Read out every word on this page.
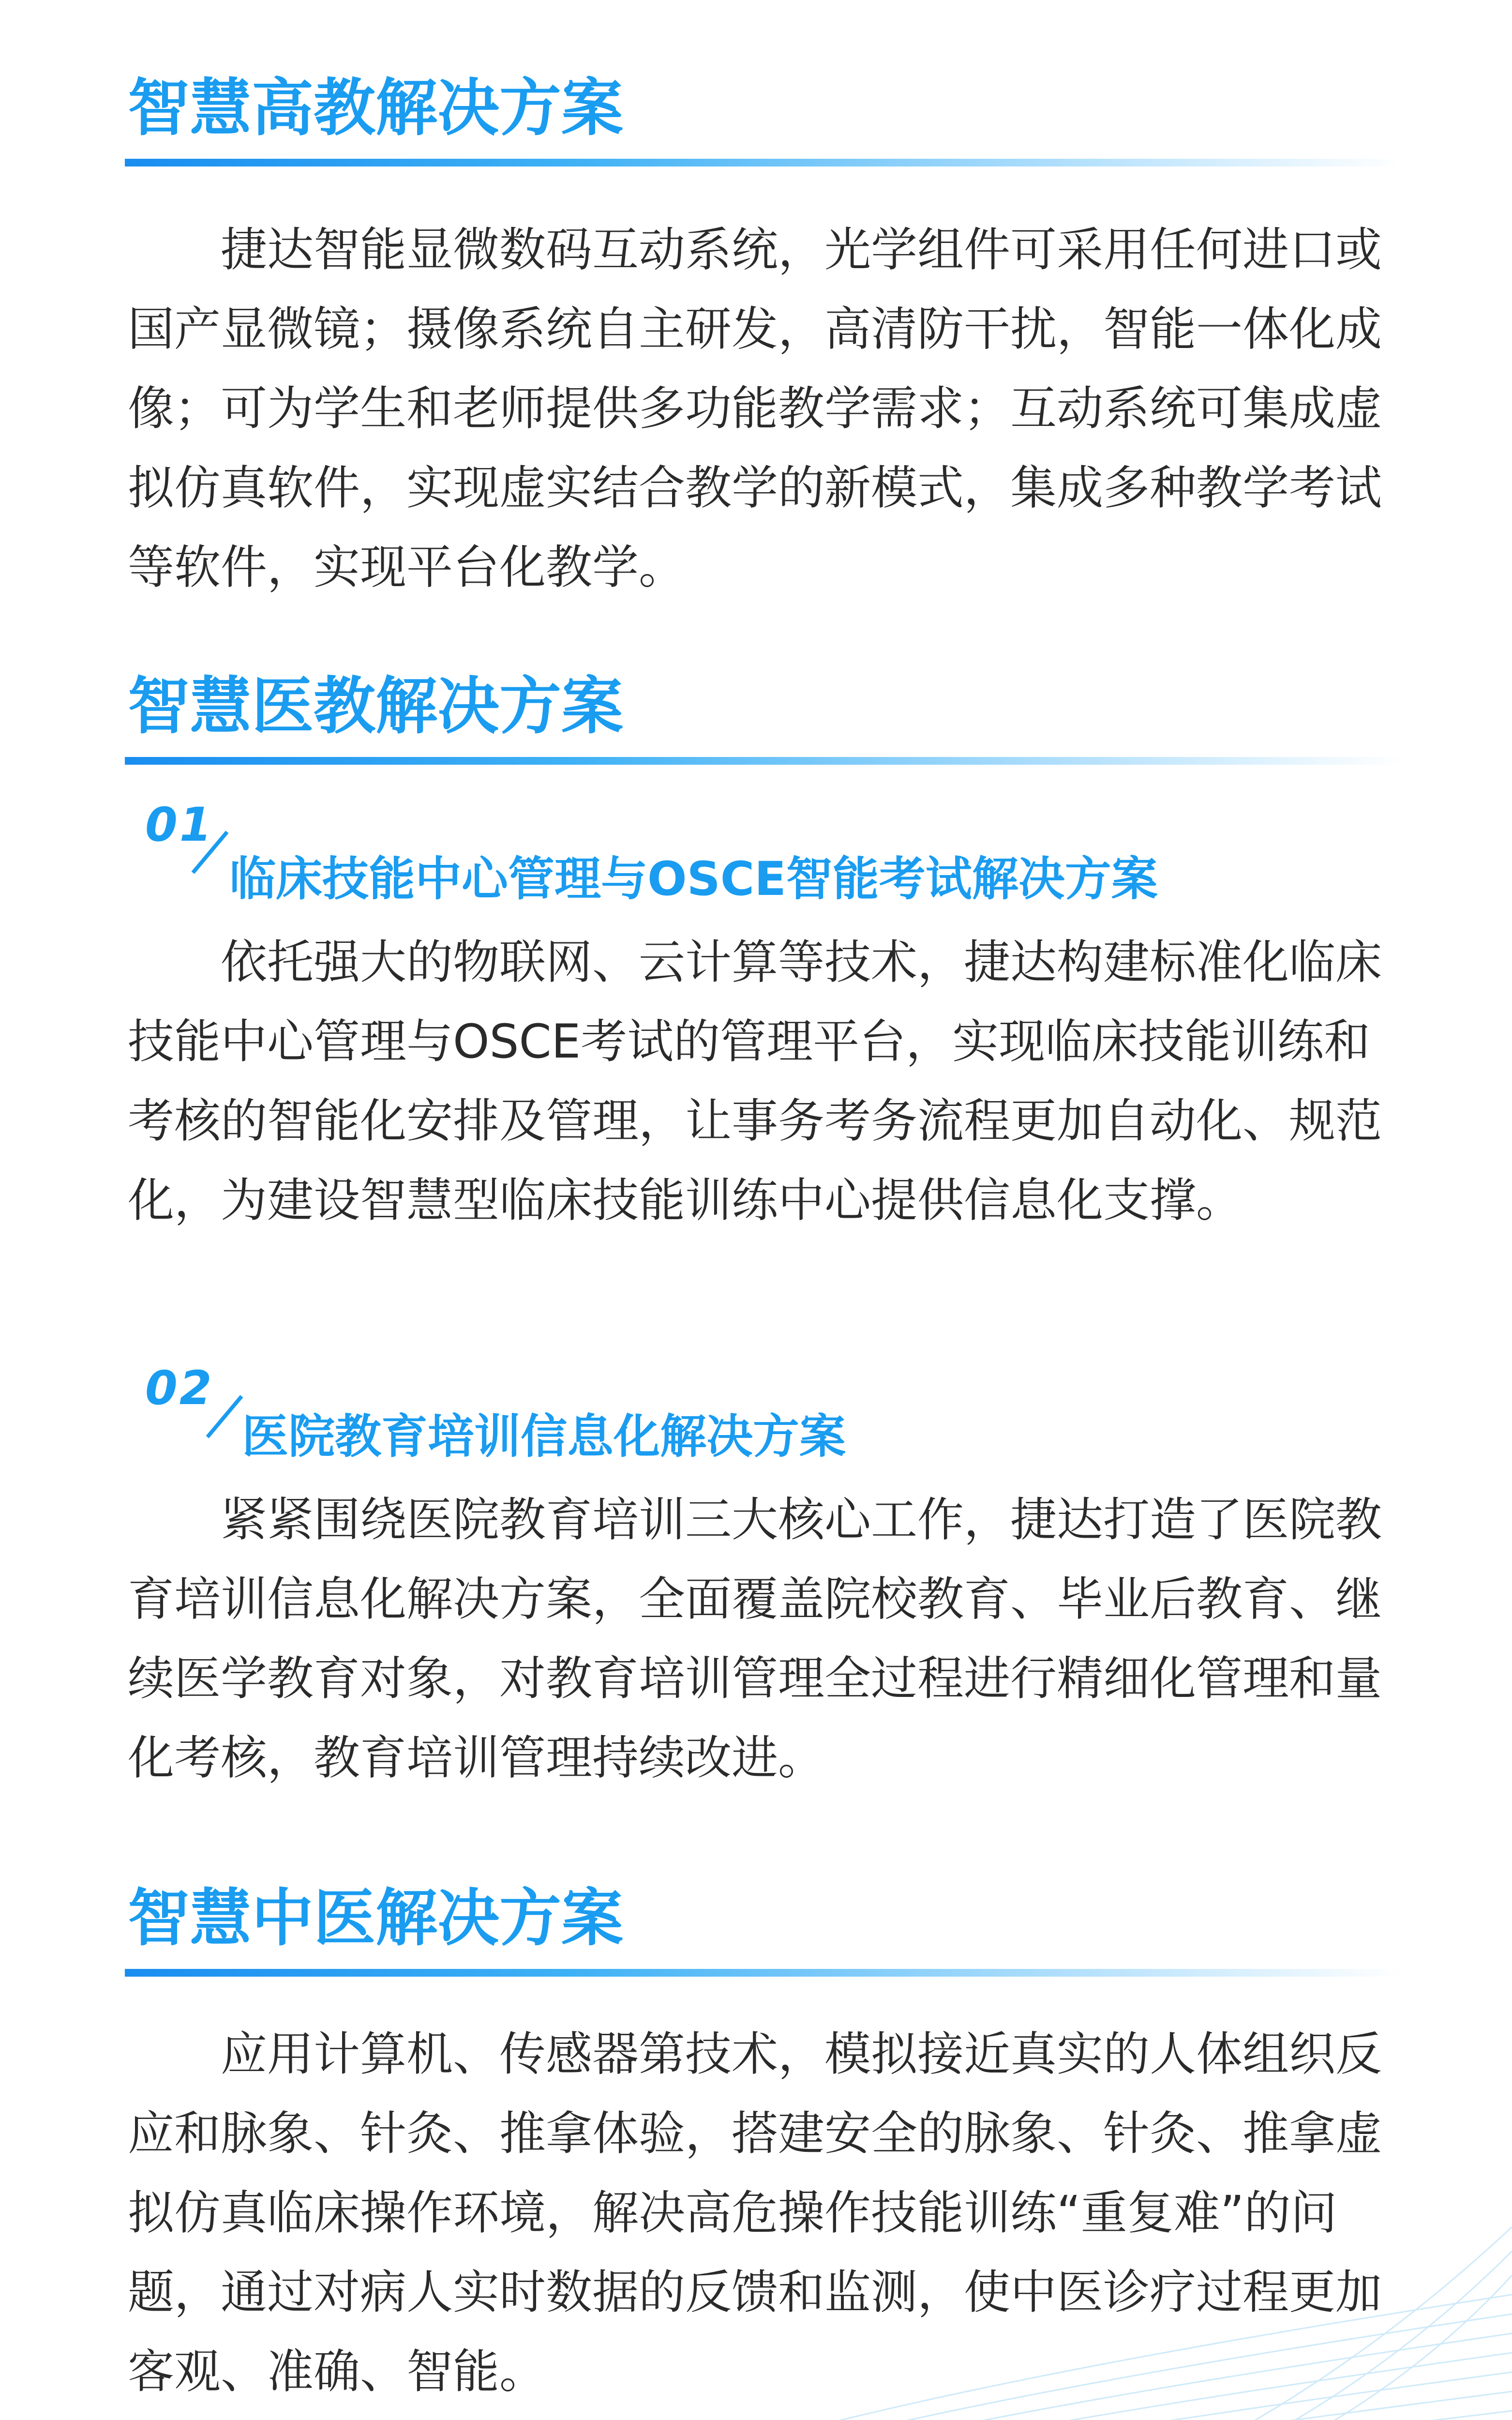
智慧高教解决方案

捷达智能显微数码互动系统，光学组件可采用任何进口或国产显微镜；摄像系统自主研发，高清防干扰，智能一体化成像；可为学生和老师提供多功能教学需求；互动系统可集成虚拟仿真软件，实现虚实结合教学的新模式，集成多种教学考试等软件，实现平台化教学。

智慧医教解决方案
01
临床技能中心管理与OSCE智能考试解决方案

依托强大的物联网、云计算等技术，捷达构建标准化临床技能中心管理与OSCE考试的管理平台，实现临床技能训练和考核的智能化安排及管理，让事务考务流程更加自动化、规范化，为建设智慧型临床技能训练中心提供信息化支撑。

02
医院教育培训信息化解决方案

紧紧围绕医院教育培训三大核心工作，捷达打造了医院教育培训信息化解决方案，全面覆盖院校教育、毕业后教育、继续医学教育对象，对教育培训管理全过程进行精细化管理和量化考核，教育培训管理持续改进。

智慧中医解决方案

应用计算机、传感器第技术，模拟接近真实的人体组织反应和脉象、针灸、推拿体验，搭建安全的脉象、针灸、推拿虚拟仿真临床操作环境，解决高危操作技能训练“重复难”的问题，通过对病人实时数据的反馈和监测，使中医诊疗过程更加客观、准确、智能。
